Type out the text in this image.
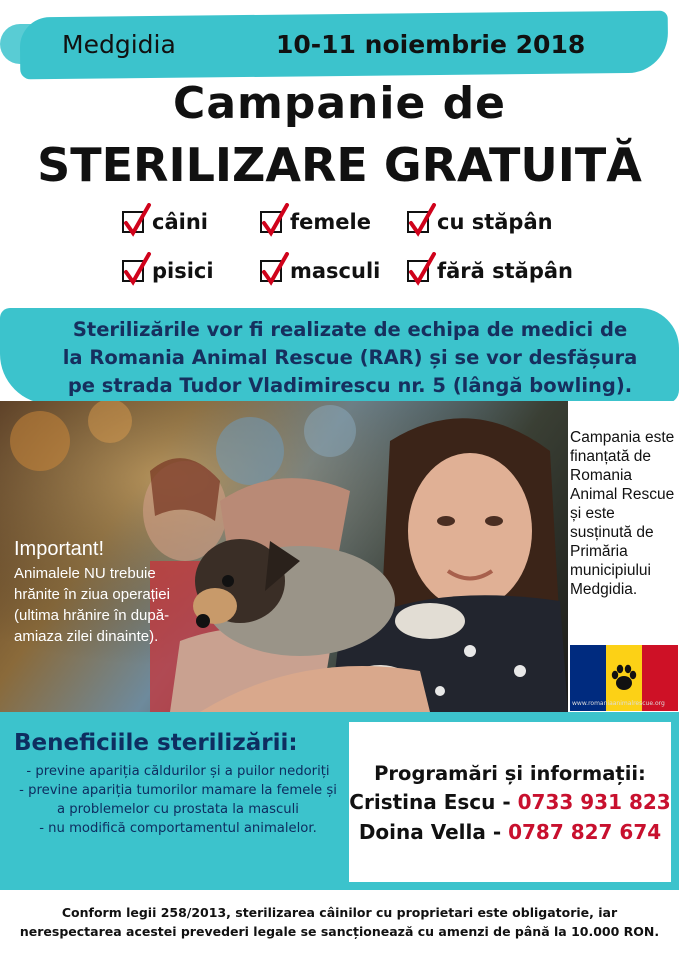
Medgidia	10-11 noiembrie 2018
Campanie de
STERILIZARE GRATUITĂ
câini	femele	cu stăpân
pisici	masculi	fără stăpân
Sterilizările vor fi realizate de echipa de medici de
la Romania Animal Rescue (RAR) și se vor desfășura
pe strada Tudor Vladimirescu nr. 5 (lângă bowling).
Important!
Animalele NU trebuie hrănite în ziua operației (ultima hrănire în după-amiaza zilei dinainte).
Campania este finanțată de Romania Animal Rescue și este susținută de Primăria municipiului Medgidia.
www.romaniaanimalrescue.org
Beneficiile sterilizării:
- previne apariția căldurilor și a puilor nedoriți
- previne apariția tumorilor mamare la femele și a problemelor cu prostata la masculi
- nu modifică comportamentul animalelor.
Programări și informații:
Cristina Escu - 0733 931 823
Doina Vella - 0787 827 674
Conform legii 258/2013, sterilizarea câinilor cu proprietari este obligatorie, iar
nerespectarea acestei prevederi legale se sancționează cu amenzi de până la 10.000 RON.
